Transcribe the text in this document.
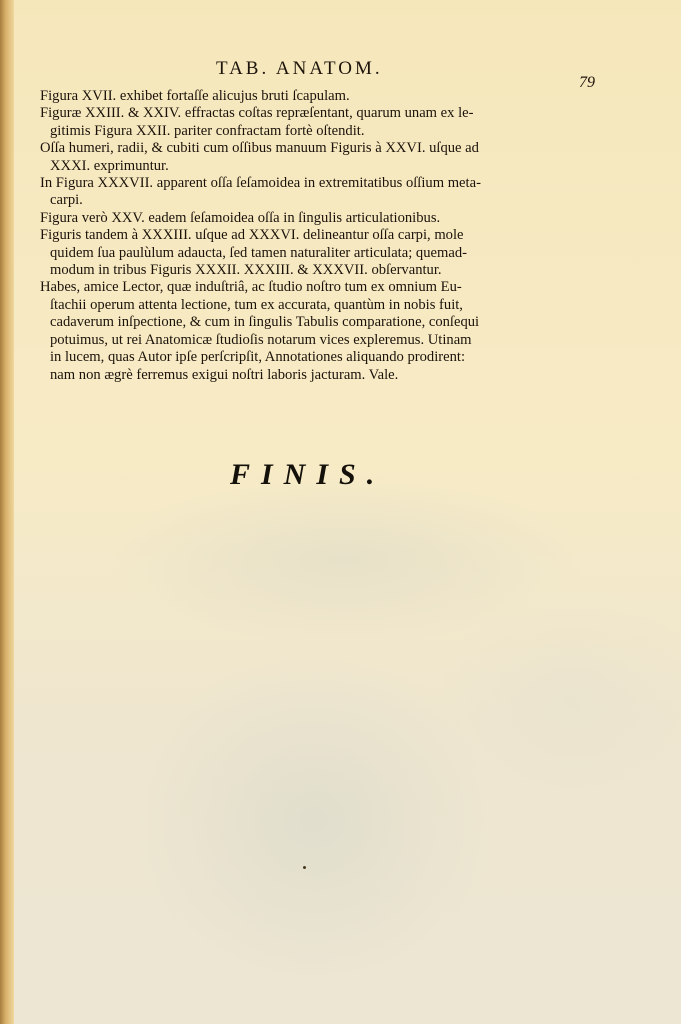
TAB. ANATOM.
79

Figura XVII. exhibet fortaſſe alicujus bruti ſcapulam.

Figuræ XXIII. & XXIV. effractas coſtas repræſentant, quarum unam ex le-
gitimis Figura XXII. pariter confractam fortè oſtendit.

Oſſa humeri, radii, & cubiti cum oſſibus manuum Figuris à XXVI. uſque ad
XXXI. exprimuntur.

In Figura XXXVII. apparent oſſa ſeſamoidea in extremitatibus oſſium meta-
carpi.

Figura verò XXV. eadem ſeſamoidea oſſa in ſingulis articulationibus.

Figuris tandem à XXXIII. uſque ad XXXVI. delineantur oſſa carpi, mole
quidem ſua paulùlum adaucta, ſed tamen naturaliter articulata; quemad-
modum in tribus Figuris XXXII. XXXIII. & XXXVII. obſervantur.

Habes, amice Lector, quæ induſtriâ, ac ſtudio noſtro tum ex omnium Eu-
ſtachii operum attenta lectione, tum ex accurata, quantùm in nobis fuit,
cadaverum inſpectione, & cum in ſingulis Tabulis comparatione, conſequi
potuimus, ut rei Anatomicæ ſtudioſis notarum vices expleremus. Utinam
in lucem, quas Autor ipſe perſcripſit, Annotationes aliquando prodirent:
nam non ægrè ferremus exigui noſtri laboris jacturam. Vale.

FINIS.
